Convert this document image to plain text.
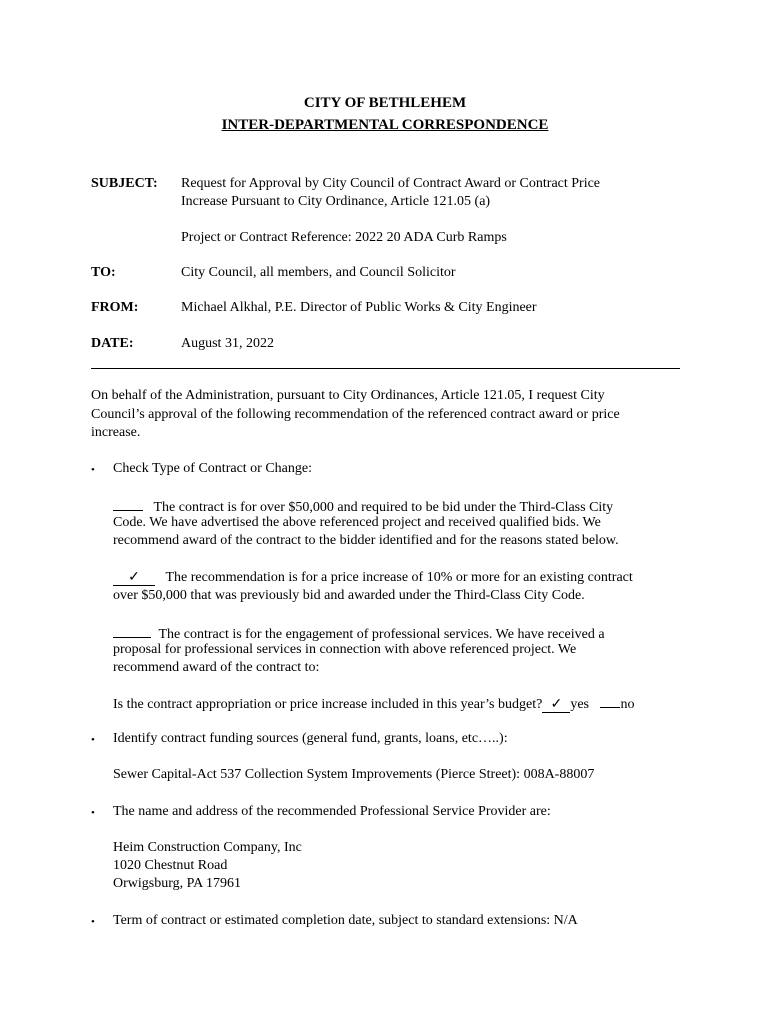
CITY OF BETHLEHEM
INTER-DEPARTMENTAL CORRESPONDENCE
SUBJECT: Request for Approval by City Council of Contract Award or Contract Price
Increase Pursuant to City Ordinance, Article 121.05 (a)
Project or Contract Reference: 2022 20 ADA Curb Ramps
TO:	City Council, all members, and Council Solicitor
FROM:	Michael Alkhal, P.E. Director of Public Works & City Engineer
DATE:	August 31, 2022
On behalf of the Administration, pursuant to City Ordinances, Article 121.05, I request City
Council’s approval of the following recommendation of the referenced contract award or price
increase.
• Check Type of Contract or Change:
The contract is for over $50,000 and required to be bid under the Third-Class City
Code. We have advertised the above referenced project and received qualified bids. We
recommend award of the contract to the bidder identified and for the reasons stated below.
✓ The recommendation is for a price increase of 10% or more for an existing contract
over $50,000 that was previously bid and awarded under the Third-Class City Code.
The contract is for the engagement of professional services. We have received a
proposal for professional services in connection with above referenced project. We
recommend award of the contract to:
Is the contract appropriation or price increase included in this year’s budget? ✓ yes no
• Identify contract funding sources (general fund, grants, loans, etc…..):
Sewer Capital-Act 537 Collection System Improvements (Pierce Street): 008A-88007
• The name and address of the recommended Professional Service Provider are:
Heim Construction Company, Inc
1020 Chestnut Road
Orwigsburg, PA 17961
• Term of contract or estimated completion date, subject to standard extensions: N/A
